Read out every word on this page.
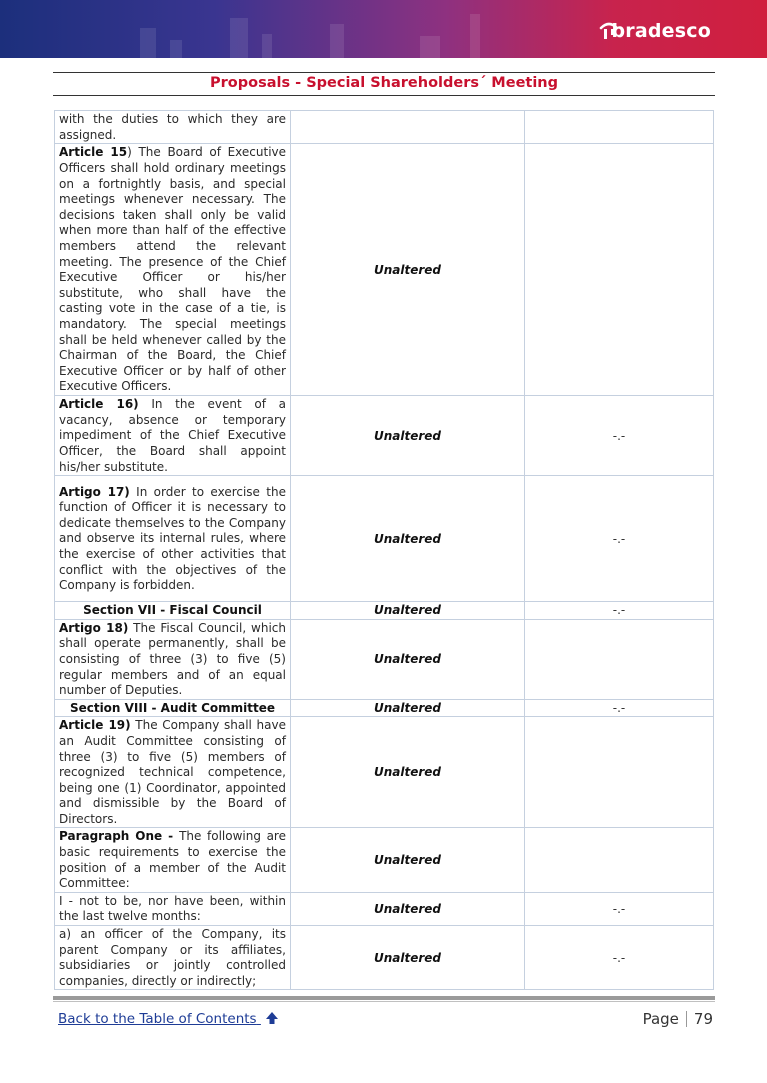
bradesco
Proposals - Special Shareholders´ Meeting
with the duties to which they are assigned.		
Article 15) The Board of Executive Officers shall hold ordinary meetings on a fortnightly basis, and special meetings whenever necessary. The decisions taken shall only be valid when more than half of the effective members attend the relevant meeting. The presence of the Chief Executive Officer or his/her substitute, who shall have the casting vote in the case of a tie, is mandatory. The special meetings shall be held whenever called by the Chairman of the Board, the Chief Executive Officer or by half of other Executive Officers.	Unaltered	
Article 16) In the event of a vacancy, absence or temporary impediment of the Chief Executive Officer, the Board shall appoint his/her substitute.	Unaltered	-.-
Artigo 17) In order to exercise the function of Officer it is necessary to dedicate themselves to the Company and observe its internal rules, where the exercise of other activities that conflict with the objectives of the Company is forbidden.	Unaltered	-.-
Section VII - Fiscal Council	Unaltered	-.-
Artigo 18) The Fiscal Council, which shall operate permanently, shall be consisting of three (3) to five (5) regular members and of an equal number of Deputies.	Unaltered	
Section VIII - Audit Committee	Unaltered	-.-
Article 19) The Company shall have an Audit Committee consisting of three (3) to five (5) members of recognized technical competence, being one (1) Coordinator, appointed and dismissible by the Board of Directors.	Unaltered	
Paragraph One - The following are basic requirements to exercise the position of a member of the Audit Committee:	Unaltered	
I - not to be, nor have been, within the last twelve months:	Unaltered	-.-
a) an officer of the Company, its parent Company or its affiliates, subsidiaries or jointly controlled companies, directly or indirectly;	Unaltered	-.-
Back to the Table of Contents	Page 79
